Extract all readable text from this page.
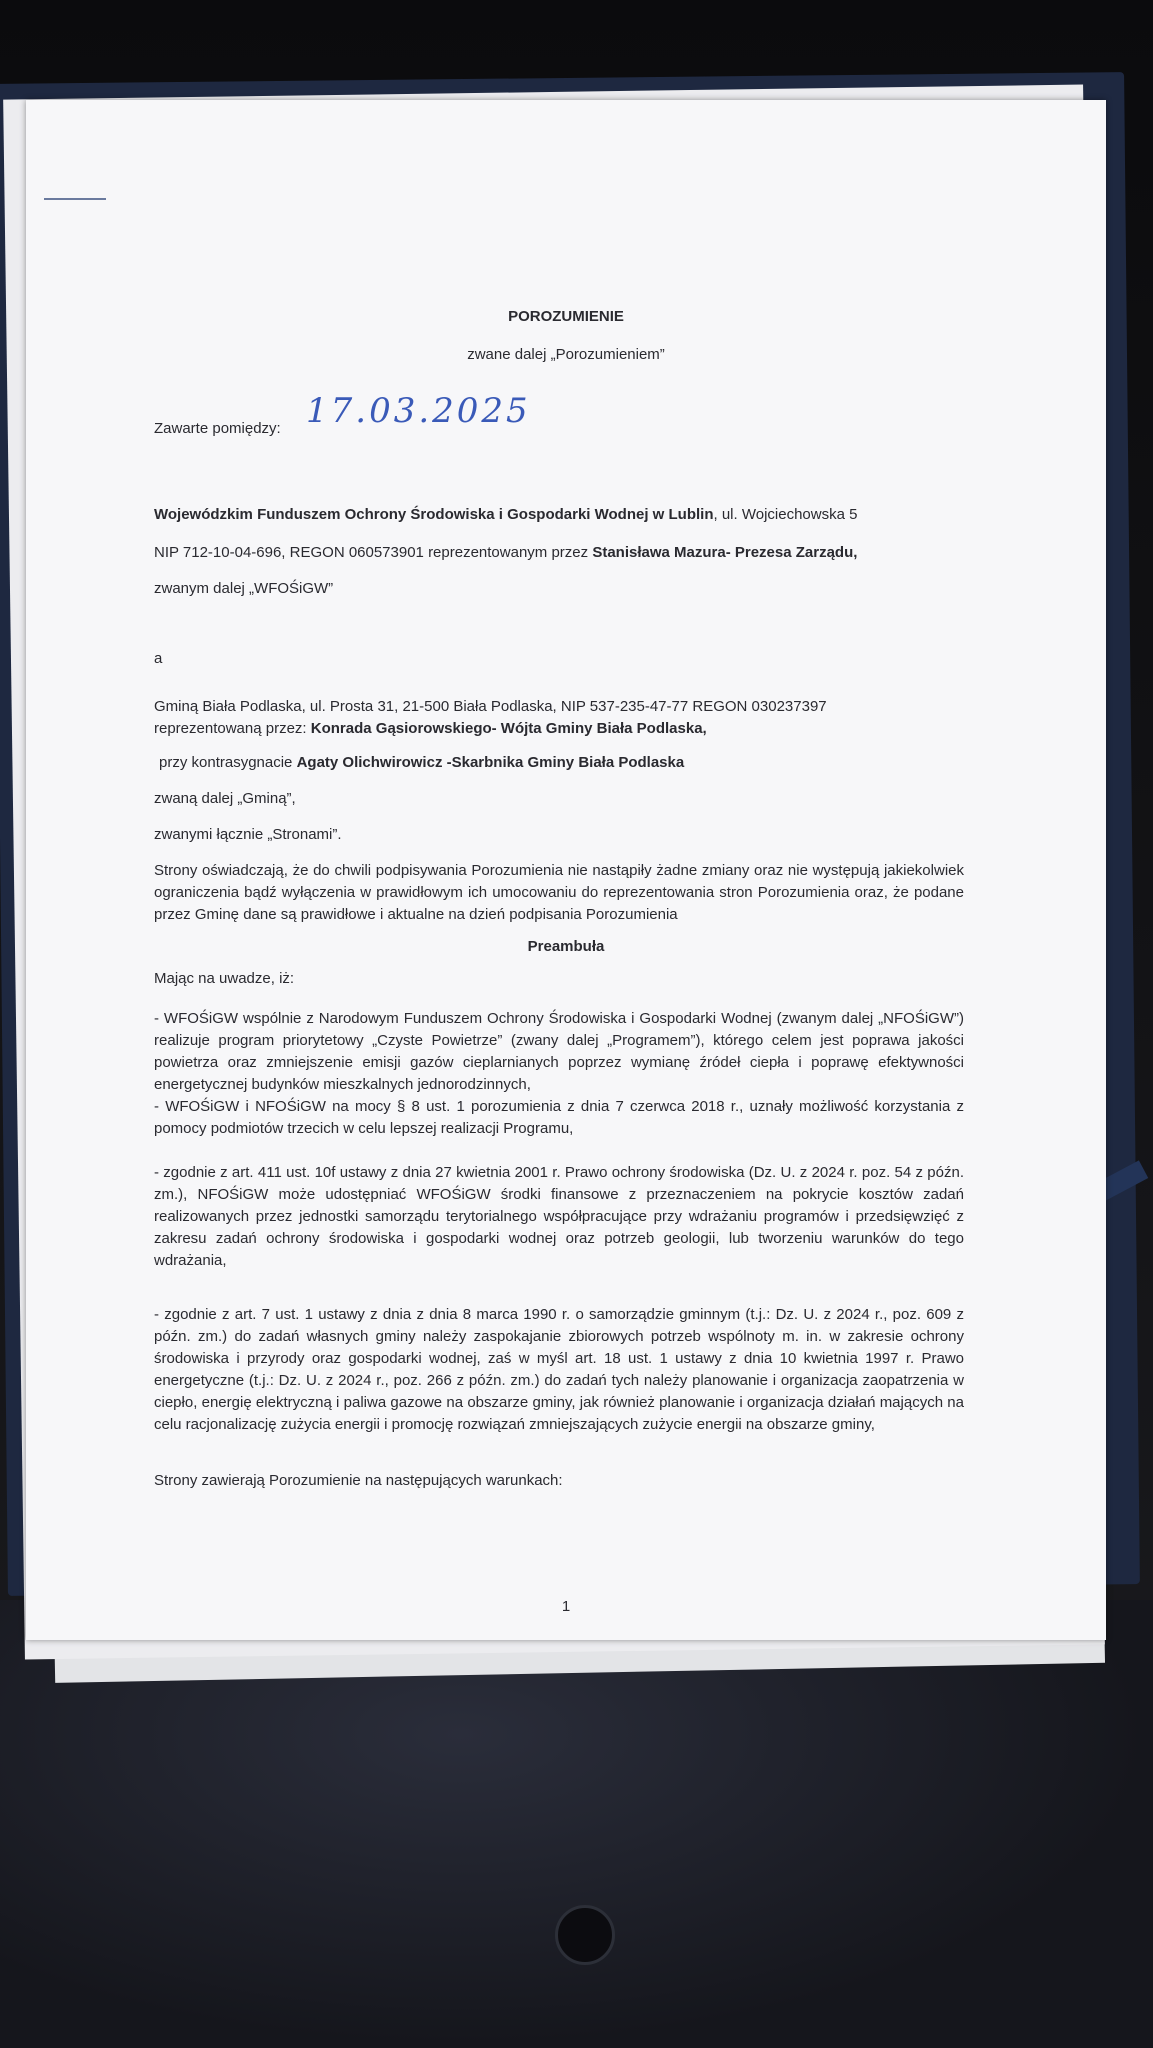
POROZUMIENIE
zwane dalej „Porozumieniem”
Zawarte pomiędzy: 17.03.2025
Wojewódzkim Funduszem Ochrony Środowiska i Gospodarki Wodnej w Lublin, ul. Wojciechowska 5
NIP 712-10-04-696, REGON 060573901 reprezentowanym przez Stanisława Mazura- Prezesa Zarządu,
zwanym dalej „WFOŚiGW”
a
Gminą Biała Podlaska, ul. Prosta 31, 21-500 Biała Podlaska, NIP 537-235-47-77 REGON 030237397
reprezentowaną przez: Konrada Gąsiorowskiego- Wójta Gminy Biała Podlaska,
przy kontrasygnacie Agaty Olichwirowicz -Skarbnika Gminy Biała Podlaska
zwaną dalej „Gminą”,
zwanymi łącznie „Stronami”.
Strony oświadczają, że do chwili podpisywania Porozumienia nie nastąpiły żadne zmiany oraz nie występują jakiekolwiek ograniczenia bądź wyłączenia w prawidłowym ich umocowaniu do reprezentowania stron Porozumienia oraz, że podane przez Gminę dane są prawidłowe i aktualne na dzień podpisania Porozumienia
Preambuła
Mając na uwadze, iż:
- WFOŚiGW wspólnie z Narodowym Funduszem Ochrony Środowiska i Gospodarki Wodnej (zwanym dalej „NFOŚiGW”) realizuje program priorytetowy „Czyste Powietrze” (zwany dalej „Programem”), którego celem jest poprawa jakości powietrza oraz zmniejszenie emisji gazów cieplarnianych poprzez wymianę źródeł ciepła i poprawę efektywności energetycznej budynków mieszkalnych jednorodzinnych,
- WFOŚiGW i NFOŚiGW na mocy § 8 ust. 1 porozumienia z dnia 7 czerwca 2018 r., uznały możliwość korzystania z pomocy podmiotów trzecich w celu lepszej realizacji Programu,
- zgodnie z art. 411 ust. 10f ustawy z dnia 27 kwietnia 2001 r. Prawo ochrony środowiska (Dz. U. z 2024 r. poz. 54 z późn. zm.), NFOŚiGW może udostępniać WFOŚiGW środki finansowe z przeznaczeniem na pokrycie kosztów zadań realizowanych przez jednostki samorządu terytorialnego współpracujące przy wdrażaniu programów i przedsięwzięć z zakresu zadań ochrony środowiska i gospodarki wodnej oraz potrzeb geologii, lub tworzeniu warunków do tego wdrażania,
- zgodnie z art. 7 ust. 1 ustawy z dnia z dnia 8 marca 1990 r. o samorządzie gminnym (t.j.: Dz. U. z 2024 r., poz. 609 z późn. zm.) do zadań własnych gminy należy zaspokajanie zbiorowych potrzeb wspólnoty m. in. w zakresie ochrony środowiska i przyrody oraz gospodarki wodnej, zaś w myśl art. 18 ust. 1 ustawy z dnia 10 kwietnia 1997 r. Prawo energetyczne (t.j.: Dz. U. z 2024 r., poz. 266 z późn. zm.) do zadań tych należy planowanie i organizacja zaopatrzenia w ciepło, energię elektryczną i paliwa gazowe na obszarze gminy, jak również planowanie i organizacja działań mających na celu racjonalizację zużycia energii i promocję rozwiązań zmniejszających zużycie energii na obszarze gminy,
Strony zawierają Porozumienie na następujących warunkach:
1
